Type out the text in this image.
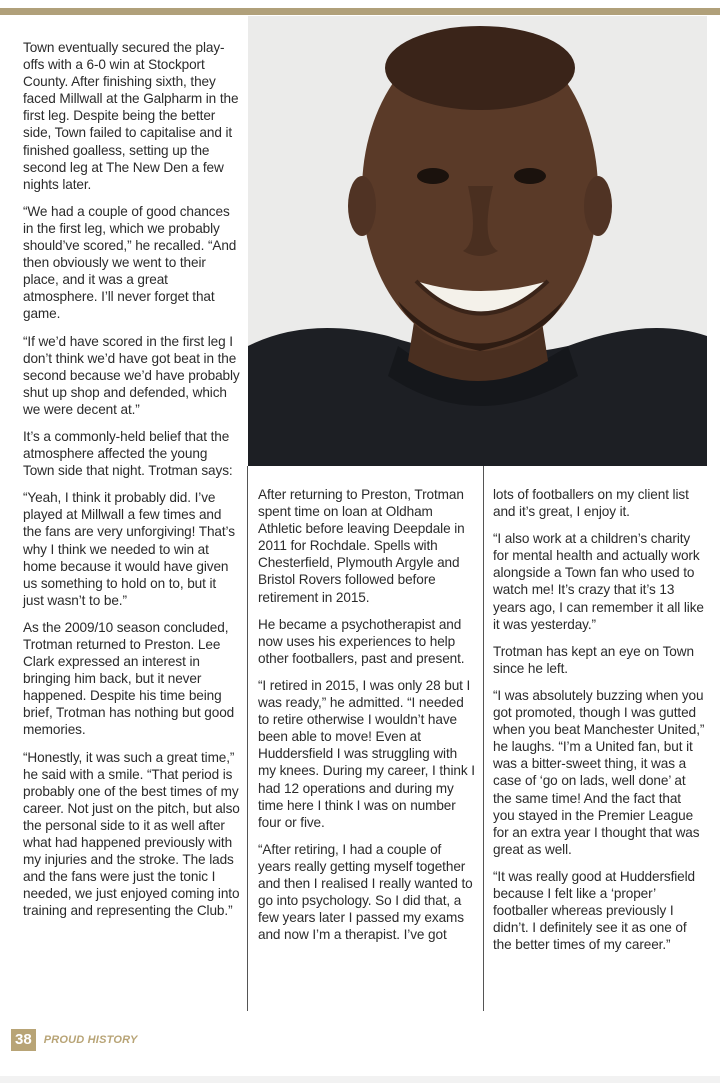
Town eventually secured the play-offs with a 6-0 win at Stockport County. After finishing sixth, they faced Millwall at the Galpharm in the first leg. Despite being the better side, Town failed to capitalise and it finished goalless, setting up the second leg at The New Den a few nights later.

“We had a couple of good chances in the first leg, which we probably should’ve scored,” he recalled. “And then obviously we went to their place, and it was a great atmosphere. I’ll never forget that game.

“If we’d have scored in the first leg I don’t think we’d have got beat in the second because we’d have probably shut up shop and defended, which we were decent at.”

It’s a commonly-held belief that the atmosphere affected the young Town side that night. Trotman says:

“Yeah, I think it probably did. I’ve played at Millwall a few times and the fans are very unforgiving! That’s why I think we needed to win at home because it would have given us something to hold on to, but it just wasn’t to be.”

As the 2009/10 season concluded, Trotman returned to Preston. Lee Clark expressed an interest in bringing him back, but it never happened. Despite his time being brief, Trotman has nothing but good memories.

“Honestly, it was such a great time,” he said with a smile. “That period is probably one of the best times of my career. Not just on the pitch, but also the personal side to it as well after what had happened previously with my injuries and the stroke. The lads and the fans were just the tonic I needed, we just enjoyed coming into training and representing the Club.”

After returning to Preston, Trotman spent time on loan at Oldham Athletic before leaving Deepdale in 2011 for Rochdale. Spells with Chesterfield, Plymouth Argyle and Bristol Rovers followed before retirement in 2015.

He became a psychotherapist and now uses his experiences to help other footballers, past and present.

“I retired in 2015, I was only 28 but I was ready,” he admitted. “I needed to retire otherwise I wouldn’t have been able to move! Even at Huddersfield I was struggling with my knees. During my career, I think I had 12 operations and during my time here I think I was on number four or five.

“After retiring, I had a couple of years really getting myself together and then I realised I really wanted to go into psychology. So I did that, a few years later I passed my exams and now I’m a therapist. I’ve got

lots of footballers on my client list and it’s great, I enjoy it.

“I also work at a children’s charity for mental health and actually work alongside a Town fan who used to watch me! It’s crazy that it’s 13 years ago, I can remember it all like it was yesterday.”

Trotman has kept an eye on Town since he left.

“I was absolutely buzzing when you got promoted, though I was gutted when you beat Manchester United,” he laughs. “I’m a United fan, but it was a bitter-sweet thing, it was a case of ‘go on lads, well done’ at the same time! And the fact that you stayed in the Premier League for an extra year I thought that was great as well.

“It was really good at Huddersfield because I felt like a ‘proper’ footballer whereas previously I didn’t. I definitely see it as one of the better times of my career.”

38	PROUD HISTORY
